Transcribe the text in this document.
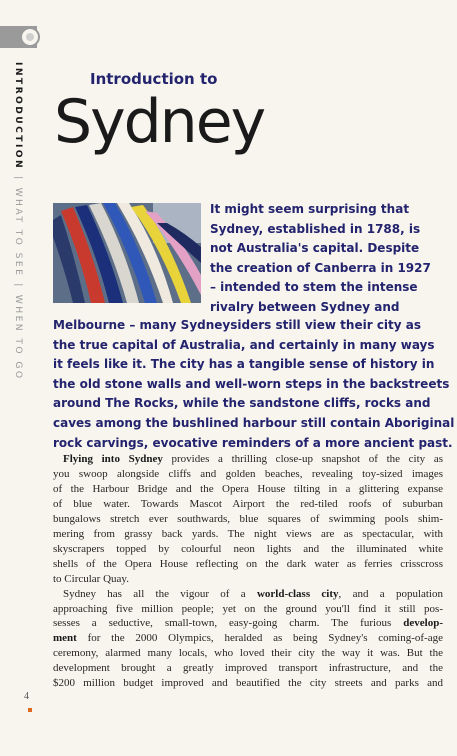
INTRODUCTION|WHAT TO SEE|WHEN TO GO
Introduction to
Sydney
It might seem surprising that
Sydney, established in 1788, is
not Australia's capital. Despite
the creation of Canberra in 1927
– intended to stem the intense
rivalry between Sydney and
Melbourne – many Sydneysiders still view their city as
the true capital of Australia, and certainly in many ways
it feels like it. The city has a tangible sense of history in
the old stone walls and well-worn steps in the backstreets
around The Rocks, while the sandstone cliffs, rocks and
caves among the bushlined harbour still contain Aboriginal
rock carvings, evocative reminders of a more ancient past.
Flying into Sydney provides a thrilling close-up snapshot of the city as
you swoop alongside cliffs and golden beaches, revealing toy-sized images
of the Harbour Bridge and the Opera House tilting in a glittering expanse
of blue water. Towards Mascot Airport the red-tiled roofs of suburban
bungalows stretch ever southwards, blue squares of swimming pools shim-
mering from grassy back yards. The night views are as spectacular, with
skyscrapers topped by colourful neon lights and the illuminated white
shells of the Opera House reflecting on the dark water as ferries crisscross
to Circular Quay.
Sydney has all the vigour of a world-class city, and a population
approaching five million people; yet on the ground you'll find it still pos-
sesses a seductive, small-town, easy-going charm. The furious develop-
ment for the 2000 Olympics, heralded as being Sydney's coming-of-age
ceremony, alarmed many locals, who loved their city the way it was. But the
development brought a greatly improved transport infrastructure, and the
$200 million budget improved and beautified the city streets and parks and
4
